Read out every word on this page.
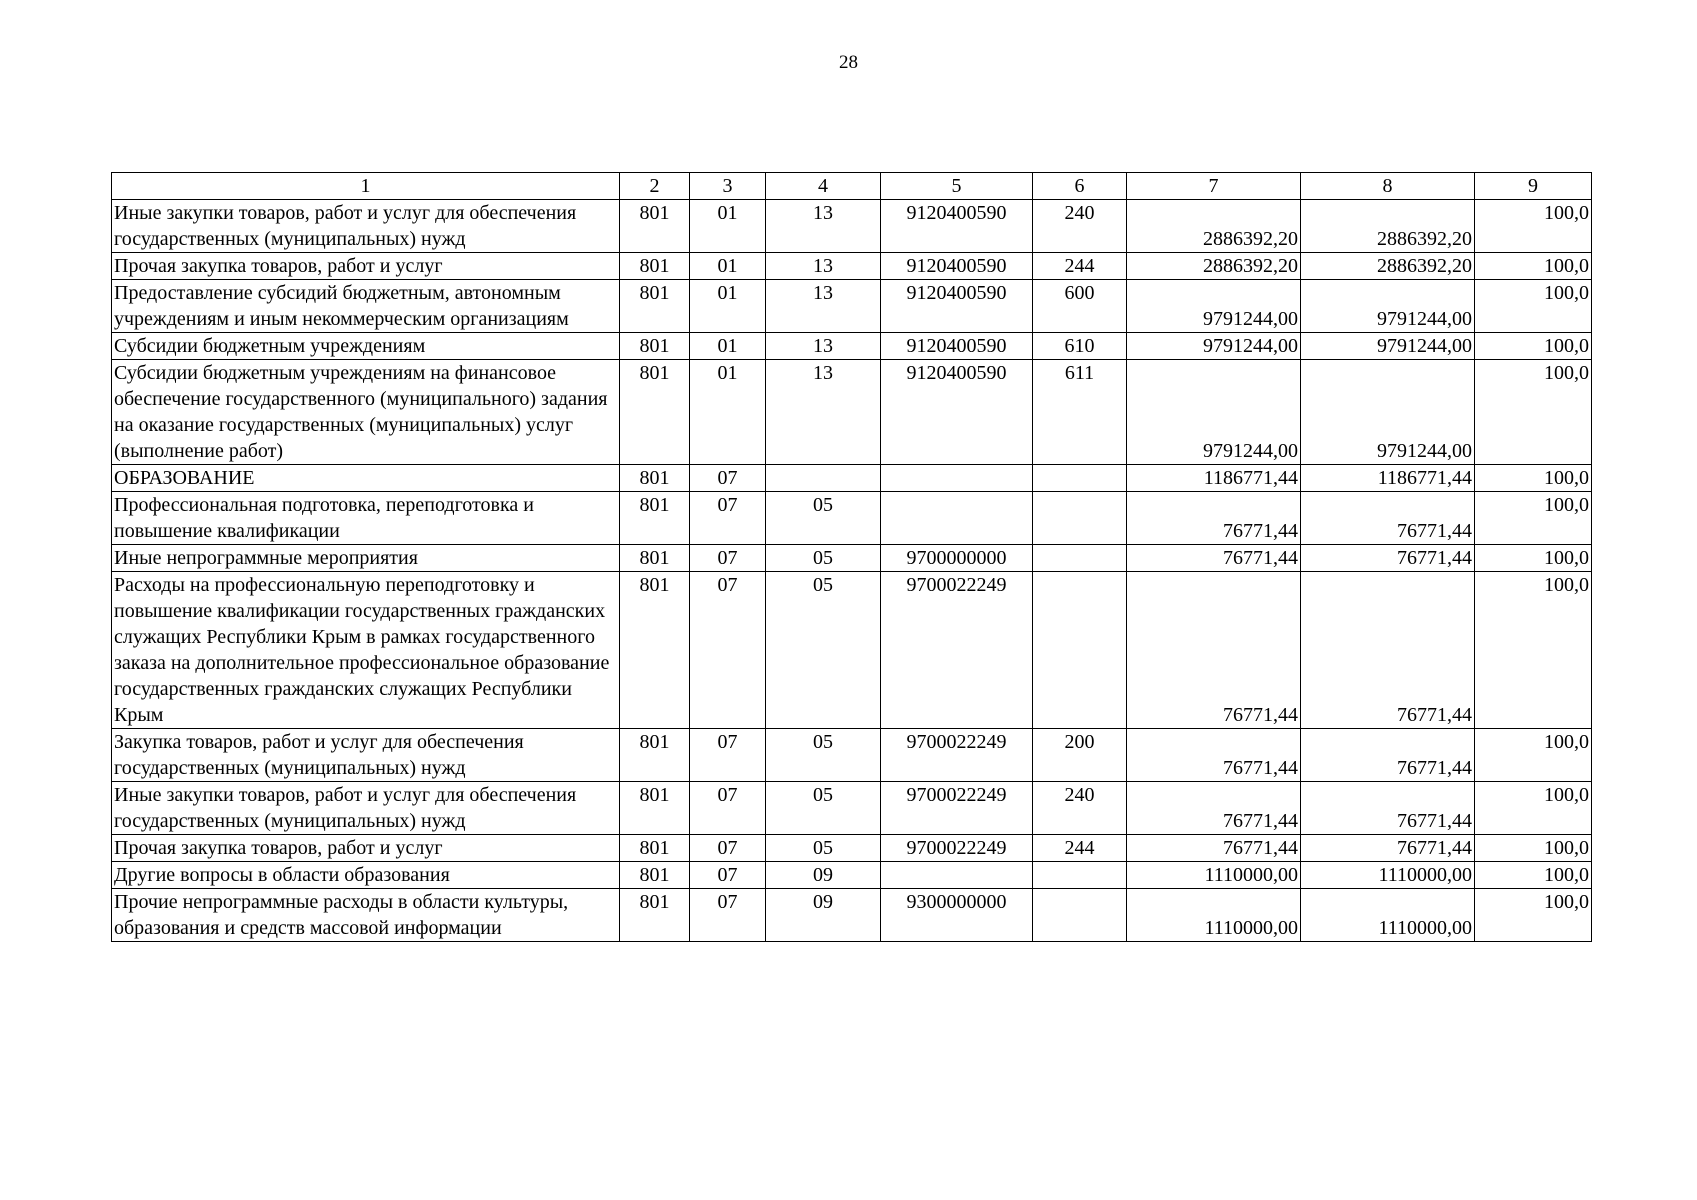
28
1	2	3	4	5	6	7	8	9
Иные закупки товаров, работ и услуг для обеспечения государственных (муниципальных) нужд	801	01	13	9120400590	240	2886392,20	2886392,20	100,0
Прочая закупка товаров, работ и услуг	801	01	13	9120400590	244	2886392,20	2886392,20	100,0
Предоставление субсидий бюджетным, автономным учреждениям и иным некоммерческим организациям	801	01	13	9120400590	600	9791244,00	9791244,00	100,0
Субсидии бюджетным учреждениям	801	01	13	9120400590	610	9791244,00	9791244,00	100,0
Субсидии бюджетным учреждениям на финансовое обеспечение государственного (муниципального) задания на оказание государственных (муниципальных) услуг (выполнение работ)	801	01	13	9120400590	611	9791244,00	9791244,00	100,0
ОБРАЗОВАНИЕ	801	07				1186771,44	1186771,44	100,0
Профессиональная подготовка, переподготовка и повышение квалификации	801	07	05			76771,44	76771,44	100,0
Иные непрограммные мероприятия	801	07	05	9700000000		76771,44	76771,44	100,0
Расходы на профессиональную переподготовку и повышение квалификации государственных гражданских служащих Республики Крым в рамках государственного заказа на дополнительное профессиональное образование государственных гражданских служащих Республики Крым	801	07	05	9700022249		76771,44	76771,44	100,0
Закупка товаров, работ и услуг для обеспечения государственных (муниципальных) нужд	801	07	05	9700022249	200	76771,44	76771,44	100,0
Иные закупки товаров, работ и услуг для обеспечения государственных (муниципальных) нужд	801	07	05	9700022249	240	76771,44	76771,44	100,0
Прочая закупка товаров, работ и услуг	801	07	05	9700022249	244	76771,44	76771,44	100,0
Другие вопросы в области образования	801	07	09			1110000,00	1110000,00	100,0
Прочие непрограммные расходы в области культуры, образования и средств массовой информации	801	07	09	9300000000		1110000,00	1110000,00	100,0
